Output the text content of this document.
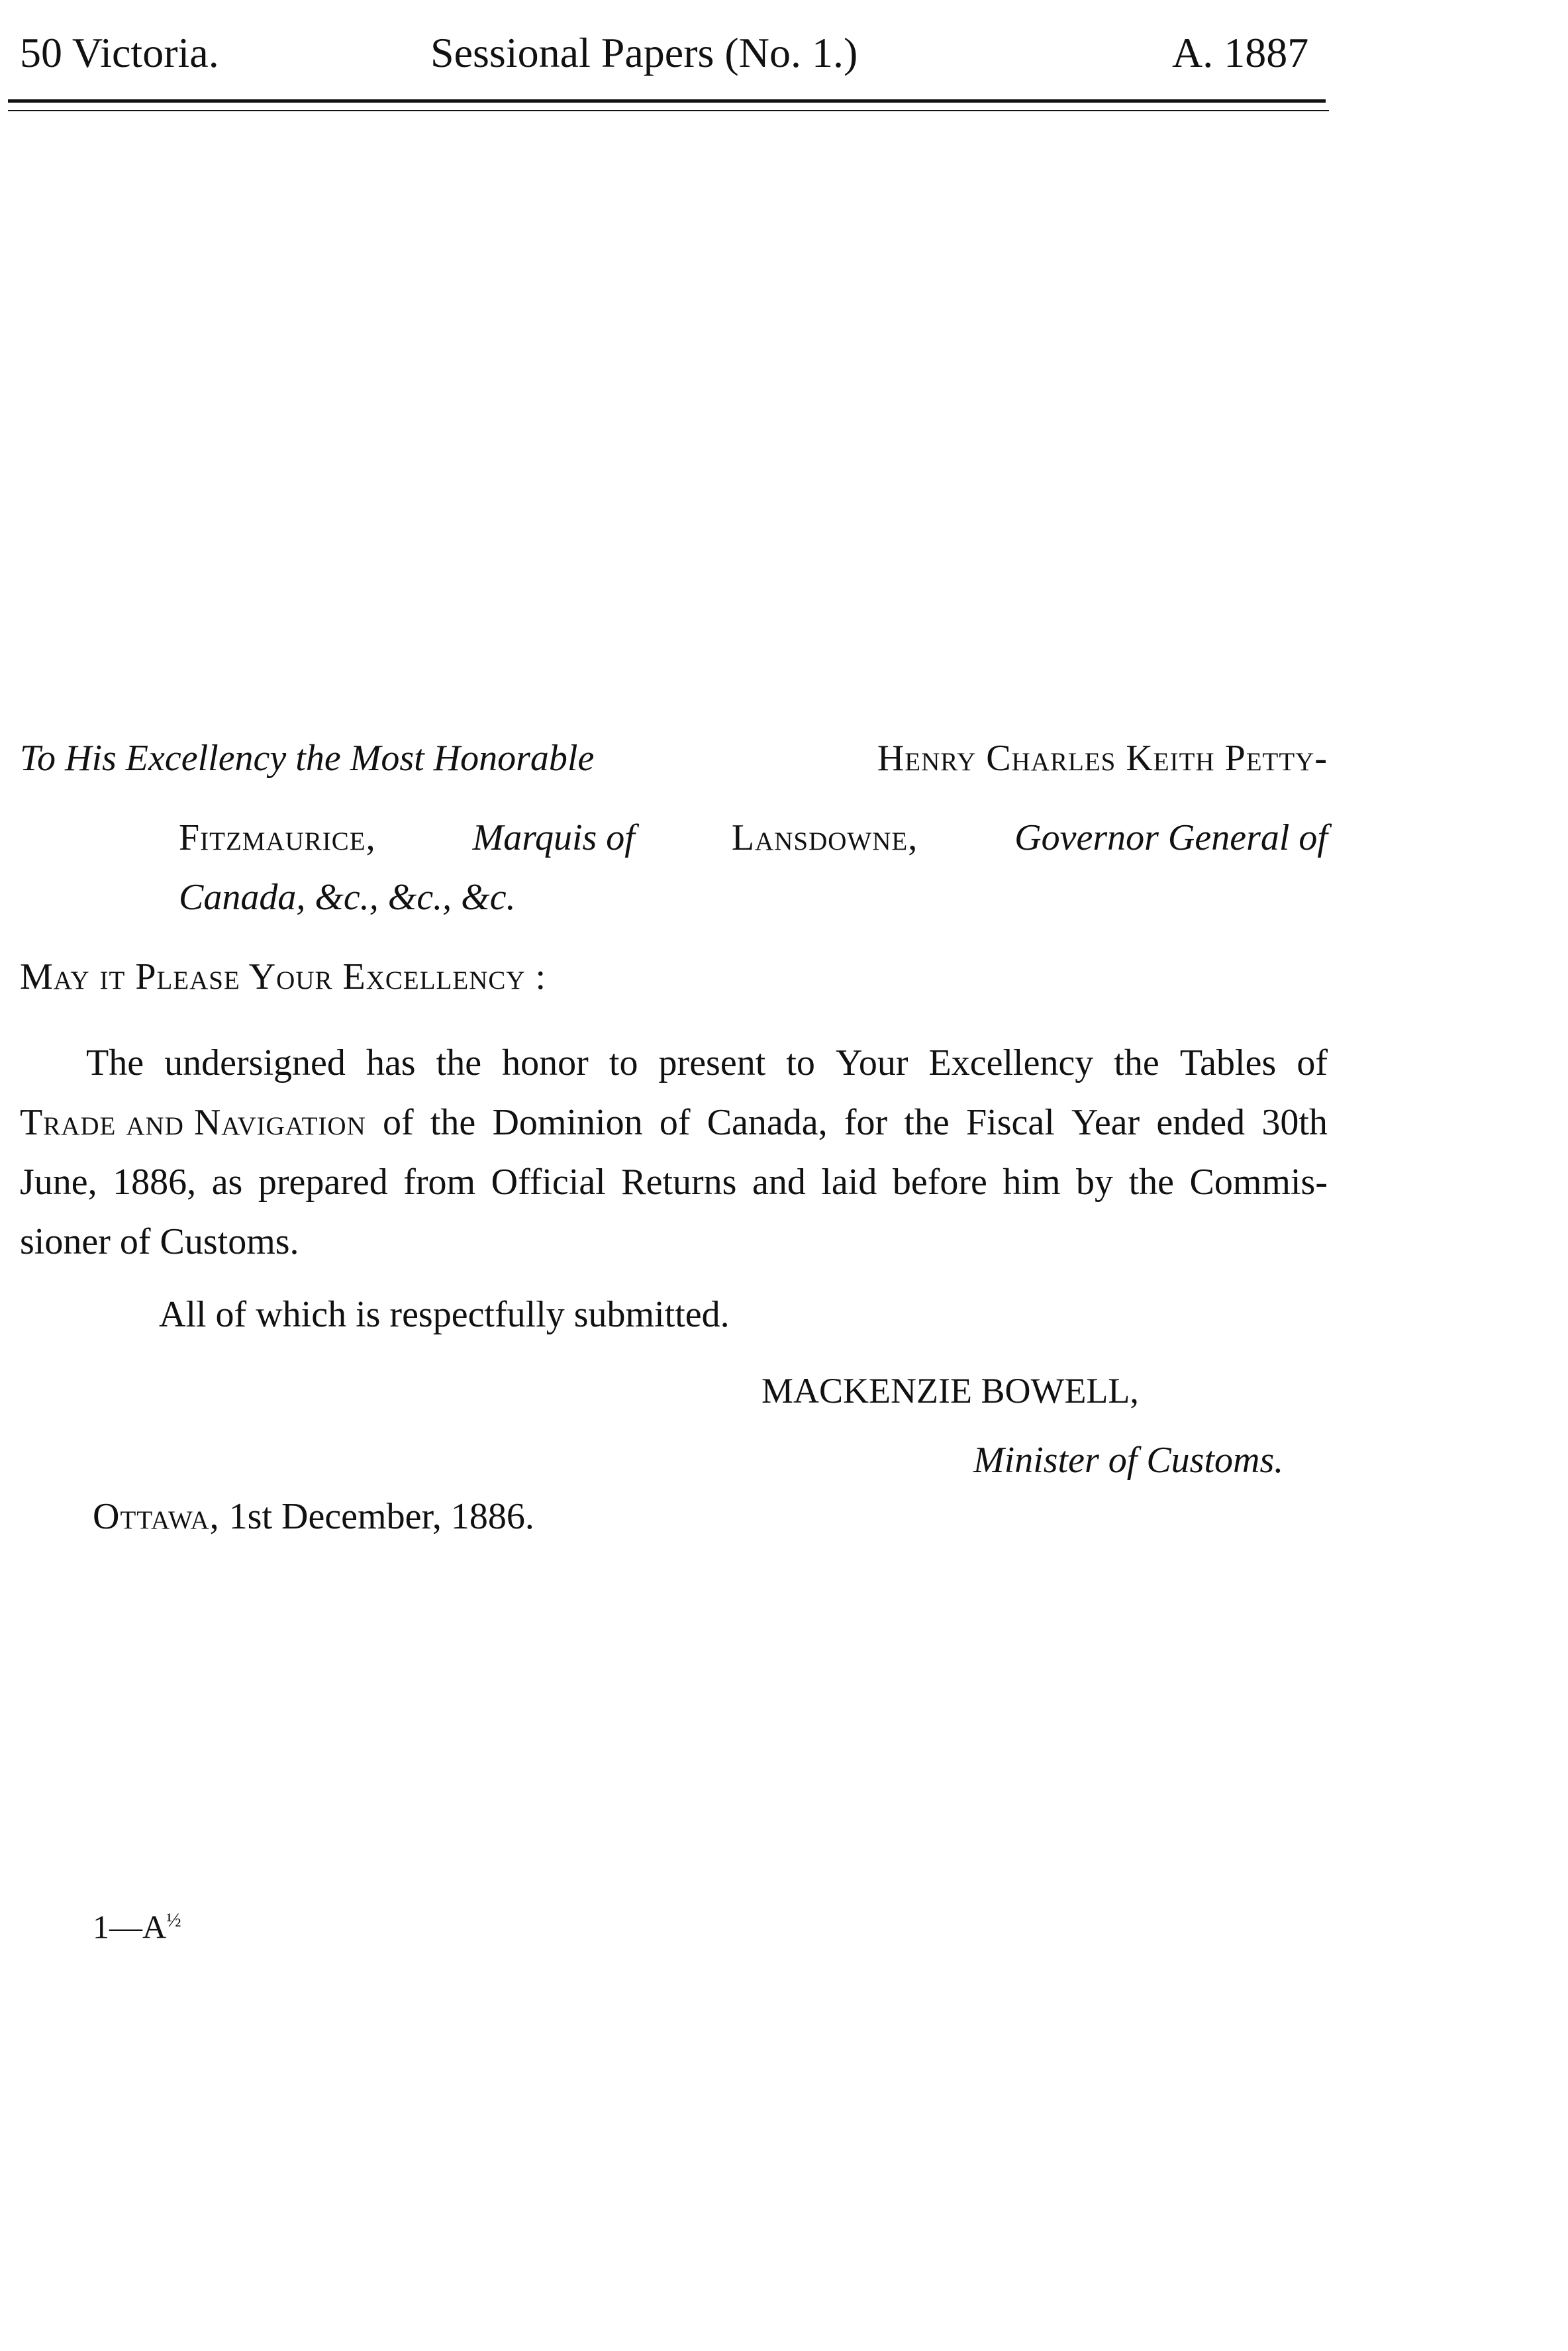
50 Victoria.	Sessional Papers (No. 1.)	A. 1887
To His Excellency the Most Honorable	Henry Charles Keith Petty-
Fitzmaurice,	Marquis of	Lansdowne,	Governor General of
Canada, &c., &c., &c.
May it Please Your Excellency :
The undersigned has the honor to present to Your Excellency the Tables of
Trade and Navigation of the Dominion of Canada, for the Fiscal Year ended 30th
June, 1886, as prepared from Official Returns and laid before him by the Commis-
sioner of Customs.
All of which is respectfully submitted.
MACKENZIE BOWELL,
Minister of Customs.
Ottawa, 1st December, 1886.
$1—A^{\frac{1}{2}}$
